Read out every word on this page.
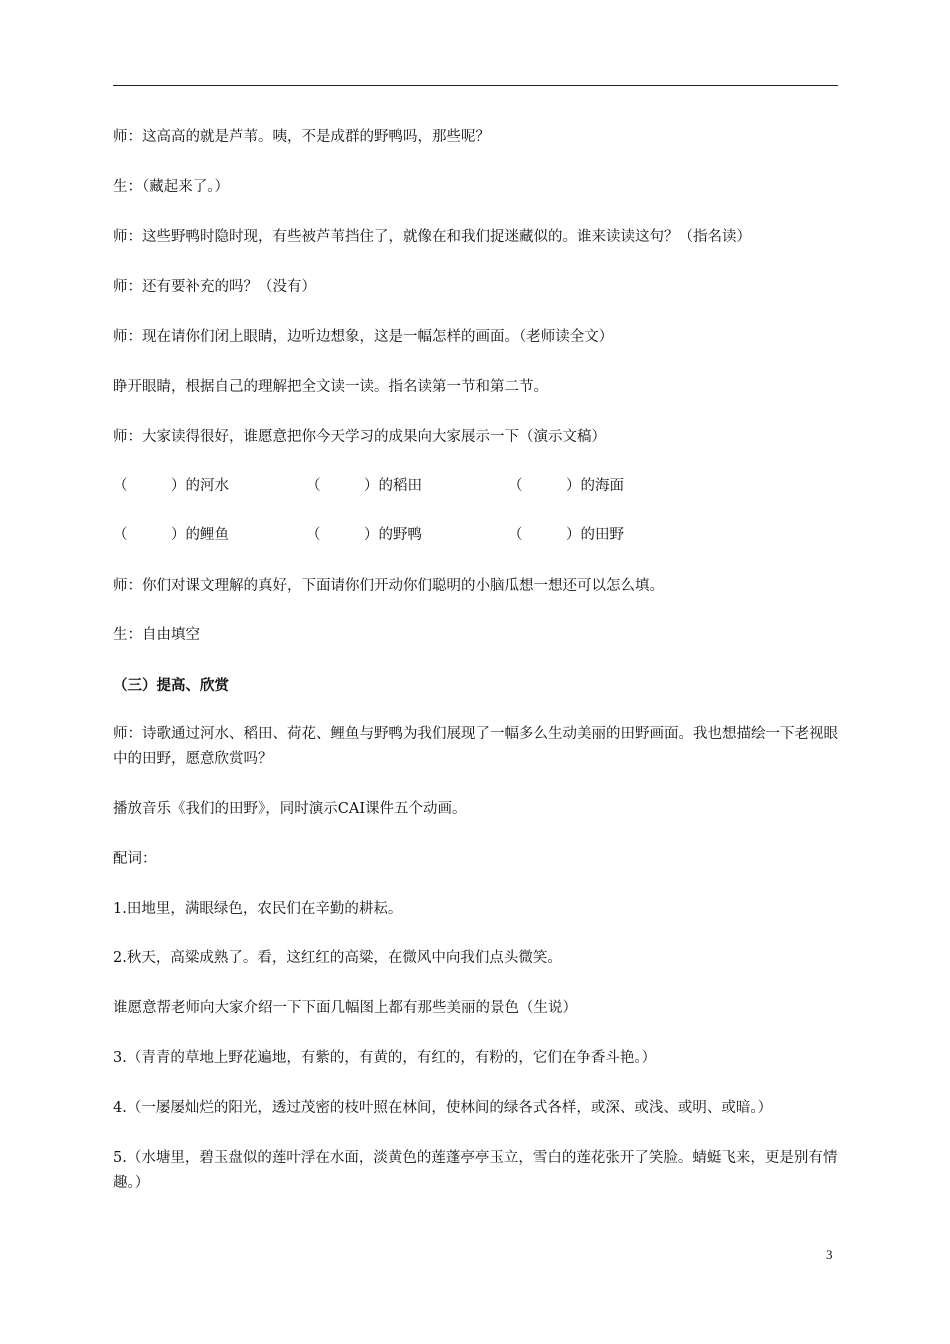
师：这高高的就是芦苇。咦，不是成群的野鸭吗，那些呢？
生：（藏起来了。）
师：这些野鸭时隐时现，有些被芦苇挡住了，就像在和我们捉迷藏似的。谁来读读这句？（指名读）
师：还有要补充的吗？（没有）
师：现在请你们闭上眼睛，边听边想象，这是一幅怎样的画面。（老师读全文）
睁开眼睛，根据自己的理解把全文读一读。指名读第一节和第二节。
师：大家读得很好，谁愿意把你今天学习的成果向大家展示一下（演示文稿）
（　　　）的河水	（　　　）的稻田	（　　　）的海面
（　　　）的鲤鱼	（　　　）的野鸭	（　　　）的田野
师：你们对课文理解的真好，下面请你们开动你们聪明的小脑瓜想一想还可以怎么填。
生：自由填空
（三）提高、欣赏
师：诗歌通过河水、稻田、荷花、鲤鱼与野鸭为我们展现了一幅多么生动美丽的田野画面。我也想描绘一下老视眼中的田野，愿意欣赏吗？
播放音乐《我们的田野》，同时演示CAI课件五个动画。
配词：
1.田地里，满眼绿色，农民们在辛勤的耕耘。
2.秋天，高粱成熟了。看，这红红的高粱，在微风中向我们点头微笑。
谁愿意帮老师向大家介绍一下下面几幅图上都有那些美丽的景色（生说）
3.（青青的草地上野花遍地，有紫的，有黄的，有红的，有粉的，它们在争香斗艳。）
4.（一屡屡灿烂的阳光，透过茂密的枝叶照在林间，使林间的绿各式各样，或深、或浅、或明、或暗。）
5.（水塘里，碧玉盘似的莲叶浮在水面，淡黄色的莲蓬亭亭玉立，雪白的莲花张开了笑脸。蜻蜓飞来，更是别有情趣。）
3
